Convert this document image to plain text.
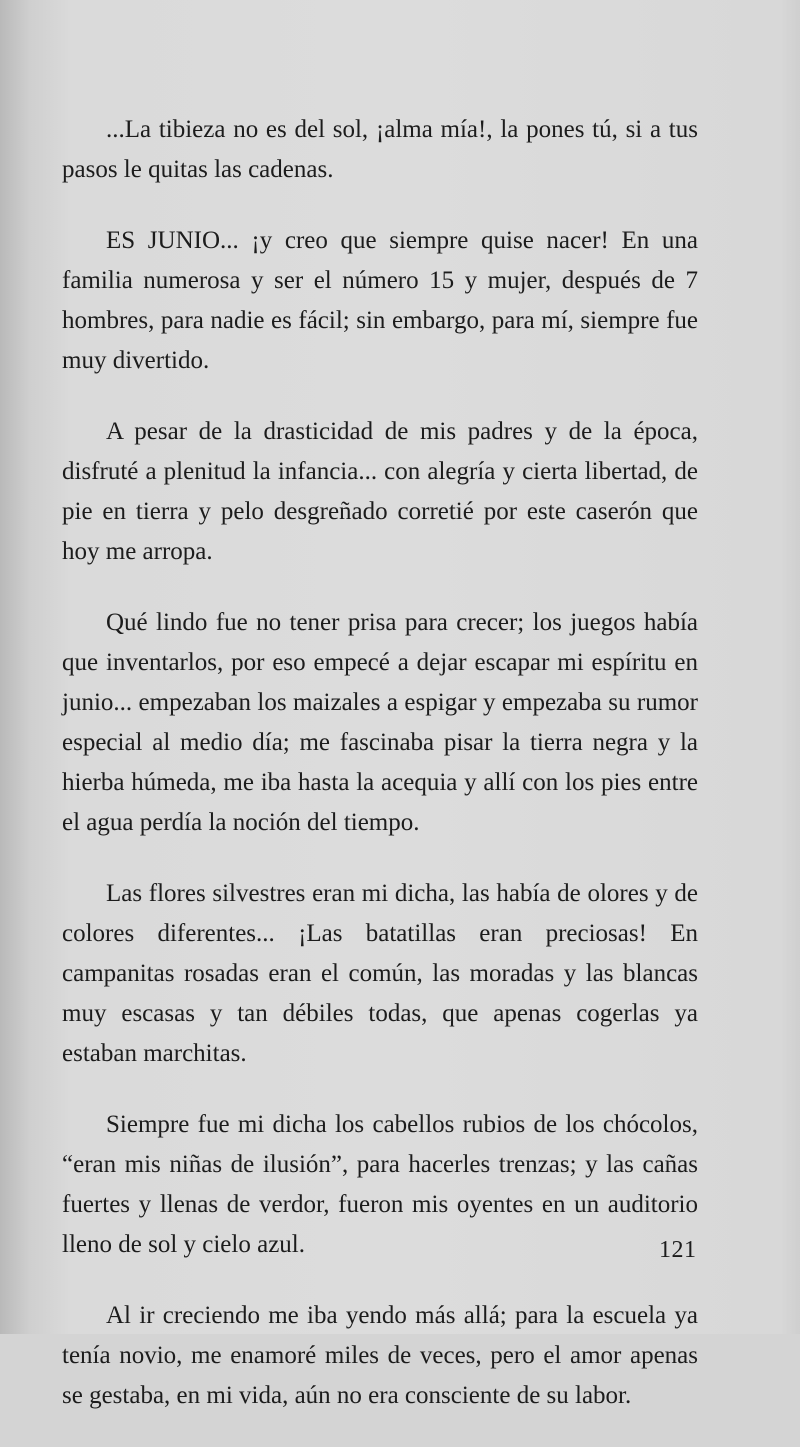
...La tibieza no es del sol, ¡alma mía!, la pones tú, si a tus pasos le quitas las cadenas.

ES JUNIO... ¡y creo que siempre quise nacer! En una familia numerosa y ser el número 15 y mujer, después de 7 hombres, para nadie es fácil; sin embargo, para mí, siempre fue muy divertido.

A pesar de la drasticidad de mis padres y de la época, disfruté a plenitud la infancia... con alegría y cierta libertad, de pie en tierra y pelo desgreñado corretié por este caserón que hoy me arropa.

Qué lindo fue no tener prisa para crecer; los juegos había que inventarlos, por eso empecé a dejar escapar mi espíritu en junio... empezaban los maizales a espigar y empezaba su rumor especial al medio día; me fascinaba pisar la tierra negra y la hierba húmeda, me iba hasta la acequia y allí con los pies entre el agua perdía la noción del tiempo.

Las flores silvestres eran mi dicha, las había de olores y de colores diferentes... ¡Las batatillas eran preciosas! En campanitas rosadas eran el común, las moradas y las blancas muy escasas y tan débiles todas, que apenas cogerlas ya estaban marchitas.

Siempre fue mi dicha los cabellos rubios de los chócolos, “eran mis niñas de ilusión”, para hacerles trenzas; y las cañas fuertes y llenas de verdor, fueron mis oyentes en un auditorio lleno de sol y cielo azul.

Al ir creciendo me iba yendo más allá; para la escuela ya tenía novio, me enamoré miles de veces, pero el amor apenas se gestaba, en mi vida, aún no era consciente de su labor.

121
